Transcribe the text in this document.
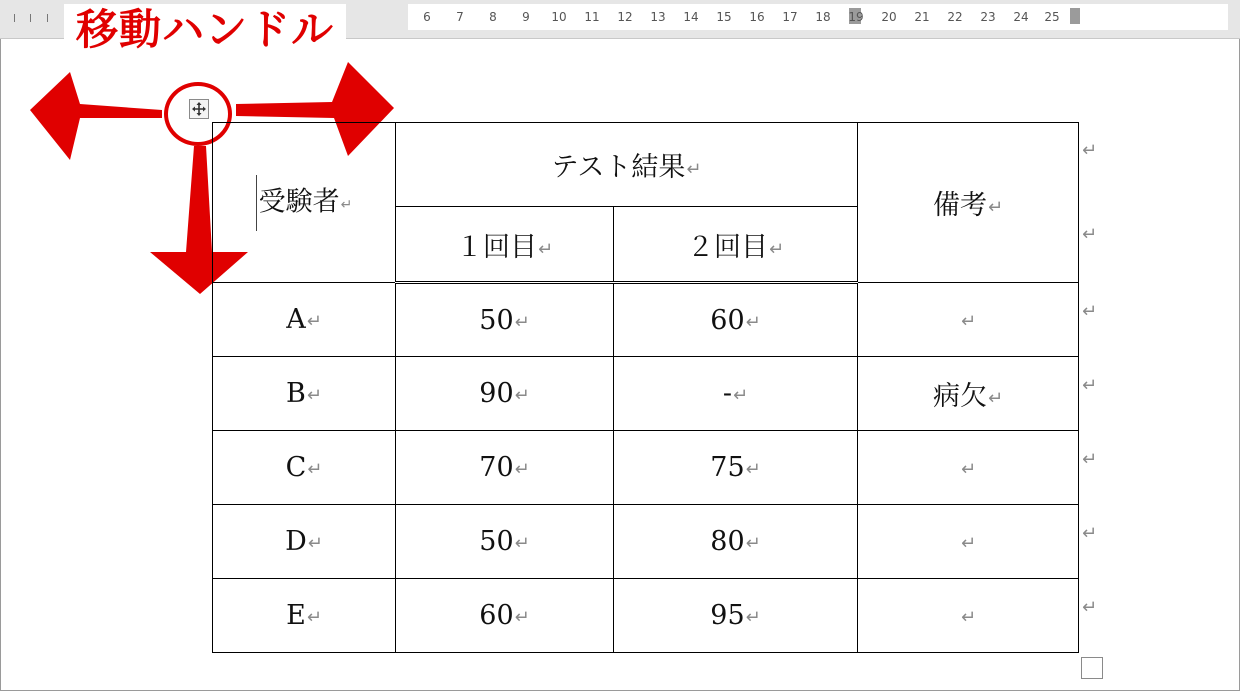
6 7 8 9 10 11 12 13 14 15 16 17 18 19 20 21 22 23 24 25
移動ハンドル
受験者↵	テスト結果↵		備考↵
	１回目↵	２回目↵	
A↵	50↵	60↵	↵
B↵	90↵	-↵	病欠↵
C↵	70↵	75↵	↵
D↵	50↵	80↵	↵
E↵	60↵	95↵	↵
↵
↵
↵
↵
↵
↵
↵
